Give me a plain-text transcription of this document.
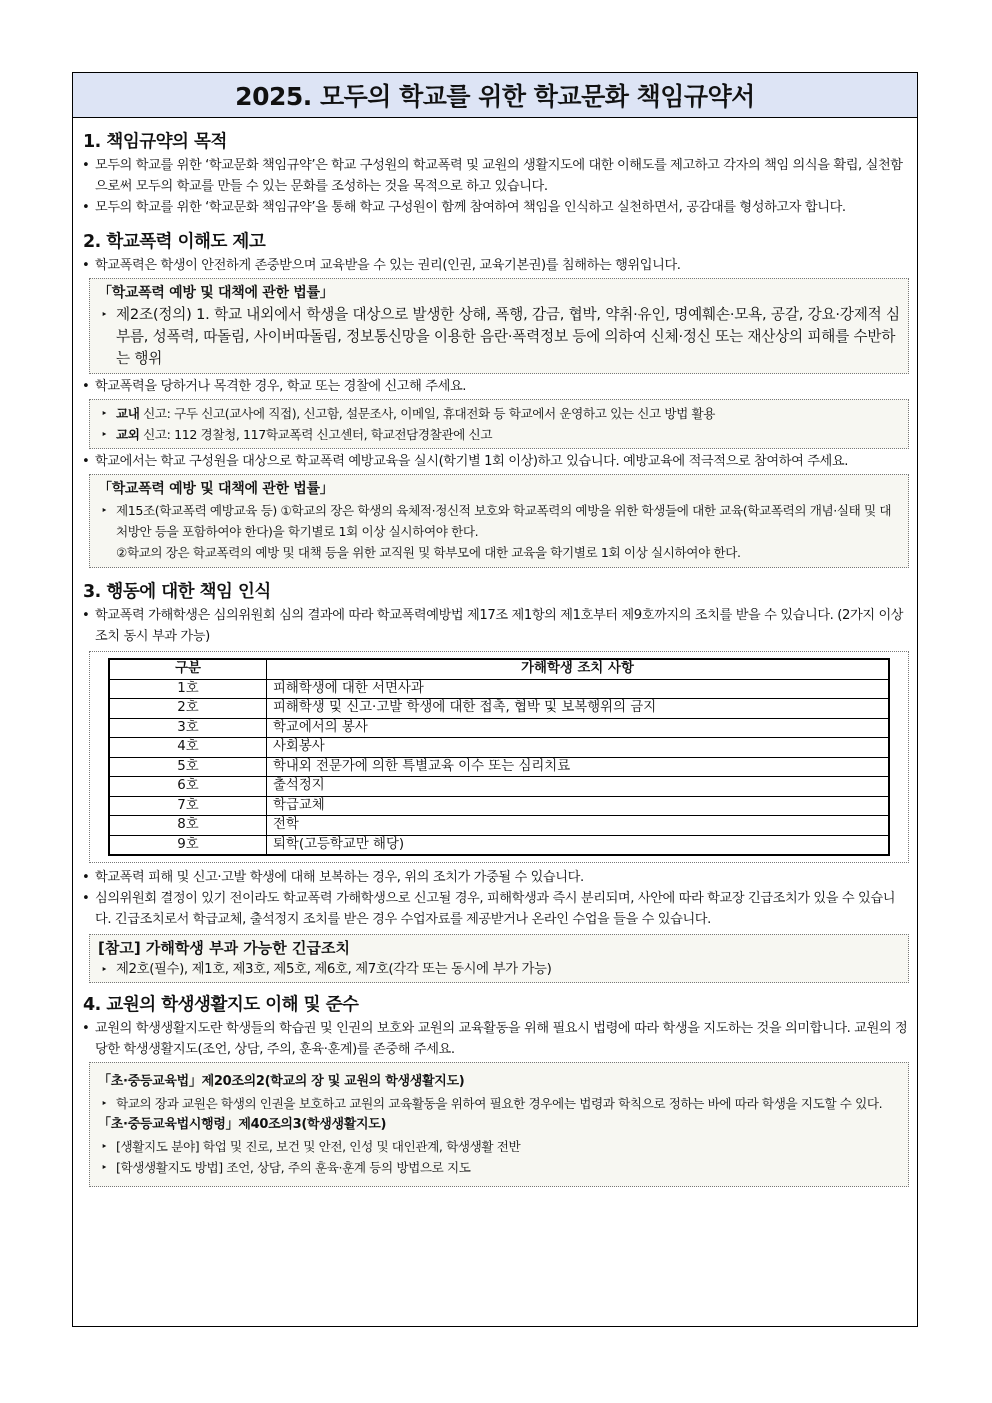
2025. 모두의 학교를 위한 학교문화 책임규약서
1. 책임규약의 목적
• 모두의 학교를 위한 ‘학교문화 책임규약’은 학교 구성원의 학교폭력 및 교원의 생활지도에 대한 이해도를 제고하고 각자의 책임 의식을 확립, 실천함으로써 모두의 학교를 만들 수 있는 문화를 조성하는 것을 목적으로 하고 있습니다.
• 모두의 학교를 위한 ‘학교문화 책임규약’을 통해 학교 구성원이 함께 참여하여 책임을 인식하고 실천하면서, 공감대를 형성하고자 합니다.
2. 학교폭력 이해도 제고
• 학교폭력은 학생이 안전하게 존중받으며 교육받을 수 있는 권리(인권, 교육기본권)를 침해하는 행위입니다.
「학교폭력 예방 및 대책에 관한 법률」
‣ 제2조(정의) 1. 학교 내외에서 학생을 대상으로 발생한 상해, 폭행, 감금, 협박, 약취·유인, 명예훼손·모욕, 공갈, 강요·강제적 심부름, 성폭력, 따돌림, 사이버따돌림, 정보통신망을 이용한 음란·폭력정보 등에 의하여 신체·정신 또는 재산상의 피해를 수반하는 행위
• 학교폭력을 당하거나 목격한 경우, 학교 또는 경찰에 신고해 주세요.
‣ 교내 신고: 구두 신고(교사에 직접), 신고함, 설문조사, 이메일, 휴대전화 등 학교에서 운영하고 있는 신고 방법 활용
‣ 교외 신고: 112 경찰청, 117학교폭력 신고센터, 학교전담경찰관에 신고
• 학교에서는 학교 구성원을 대상으로 학교폭력 예방교육을 실시(학기별 1회 이상)하고 있습니다. 예방교육에 적극적으로 참여하여 주세요.
「학교폭력 예방 및 대책에 관한 법률」
‣ 제15조(학교폭력 예방교육 등) ①학교의 장은 학생의 육체적·정신적 보호와 학교폭력의 예방을 위한 학생들에 대한 교육(학교폭력의 개념·실태 및 대처방안 등을 포함하여야 한다)을 학기별로 1회 이상 실시하여야 한다.
②학교의 장은 학교폭력의 예방 및 대책 등을 위한 교직원 및 학부모에 대한 교육을 학기별로 1회 이상 실시하여야 한다.
3. 행동에 대한 책임 인식
• 학교폭력 가해학생은 심의위원회 심의 결과에 따라 학교폭력예방법 제17조 제1항의 제1호부터 제9호까지의 조치를 받을 수 있습니다. (2가지 이상 조치 동시 부과 가능)
구분	가해학생 조치 사항
1호	피해학생에 대한 서면사과
2호	피해학생 및 신고·고발 학생에 대한 접촉, 협박 및 보복행위의 금지
3호	학교에서의 봉사
4호	사회봉사
5호	학내외 전문가에 의한 특별교육 이수 또는 심리치료
6호	출석정지
7호	학급교체
8호	전학
9호	퇴학(고등학교만 해당)
• 학교폭력 피해 및 신고·고발 학생에 대해 보복하는 경우, 위의 조치가 가중될 수 있습니다.
• 심의위원회 결정이 있기 전이라도 학교폭력 가해학생으로 신고될 경우, 피해학생과 즉시 분리되며, 사안에 따라 학교장 긴급조치가 있을 수 있습니다. 긴급조치로서 학급교체, 출석정지 조치를 받은 경우 수업자료를 제공받거나 온라인 수업을 들을 수 있습니다.
[참고] 가해학생 부과 가능한 긴급조치
‣ 제2호(필수), 제1호, 제3호, 제5호, 제6호, 제7호(각각 또는 동시에 부가 가능)
4. 교원의 학생생활지도 이해 및 준수
• 교원의 학생생활지도란 학생들의 학습권 및 인권의 보호와 교원의 교육활동을 위해 필요시 법령에 따라 학생을 지도하는 것을 의미합니다. 교원의 정당한 학생생활지도(조언, 상담, 주의, 훈육·훈계)를 존중해 주세요.
「초·중등교육법」제20조의2(학교의 장 및 교원의 학생생활지도)
‣ 학교의 장과 교원은 학생의 인권을 보호하고 교원의 교육활동을 위하여 필요한 경우에는 법령과 학칙으로 정하는 바에 따라 학생을 지도할 수 있다.
「초·중등교육법시행령」제40조의3(학생생활지도)
‣ [생활지도 분야] 학업 및 진로, 보건 및 안전, 인성 및 대인관계, 학생생활 전반
‣ [학생생활지도 방법] 조언, 상담, 주의 훈육·훈계 등의 방법으로 지도
